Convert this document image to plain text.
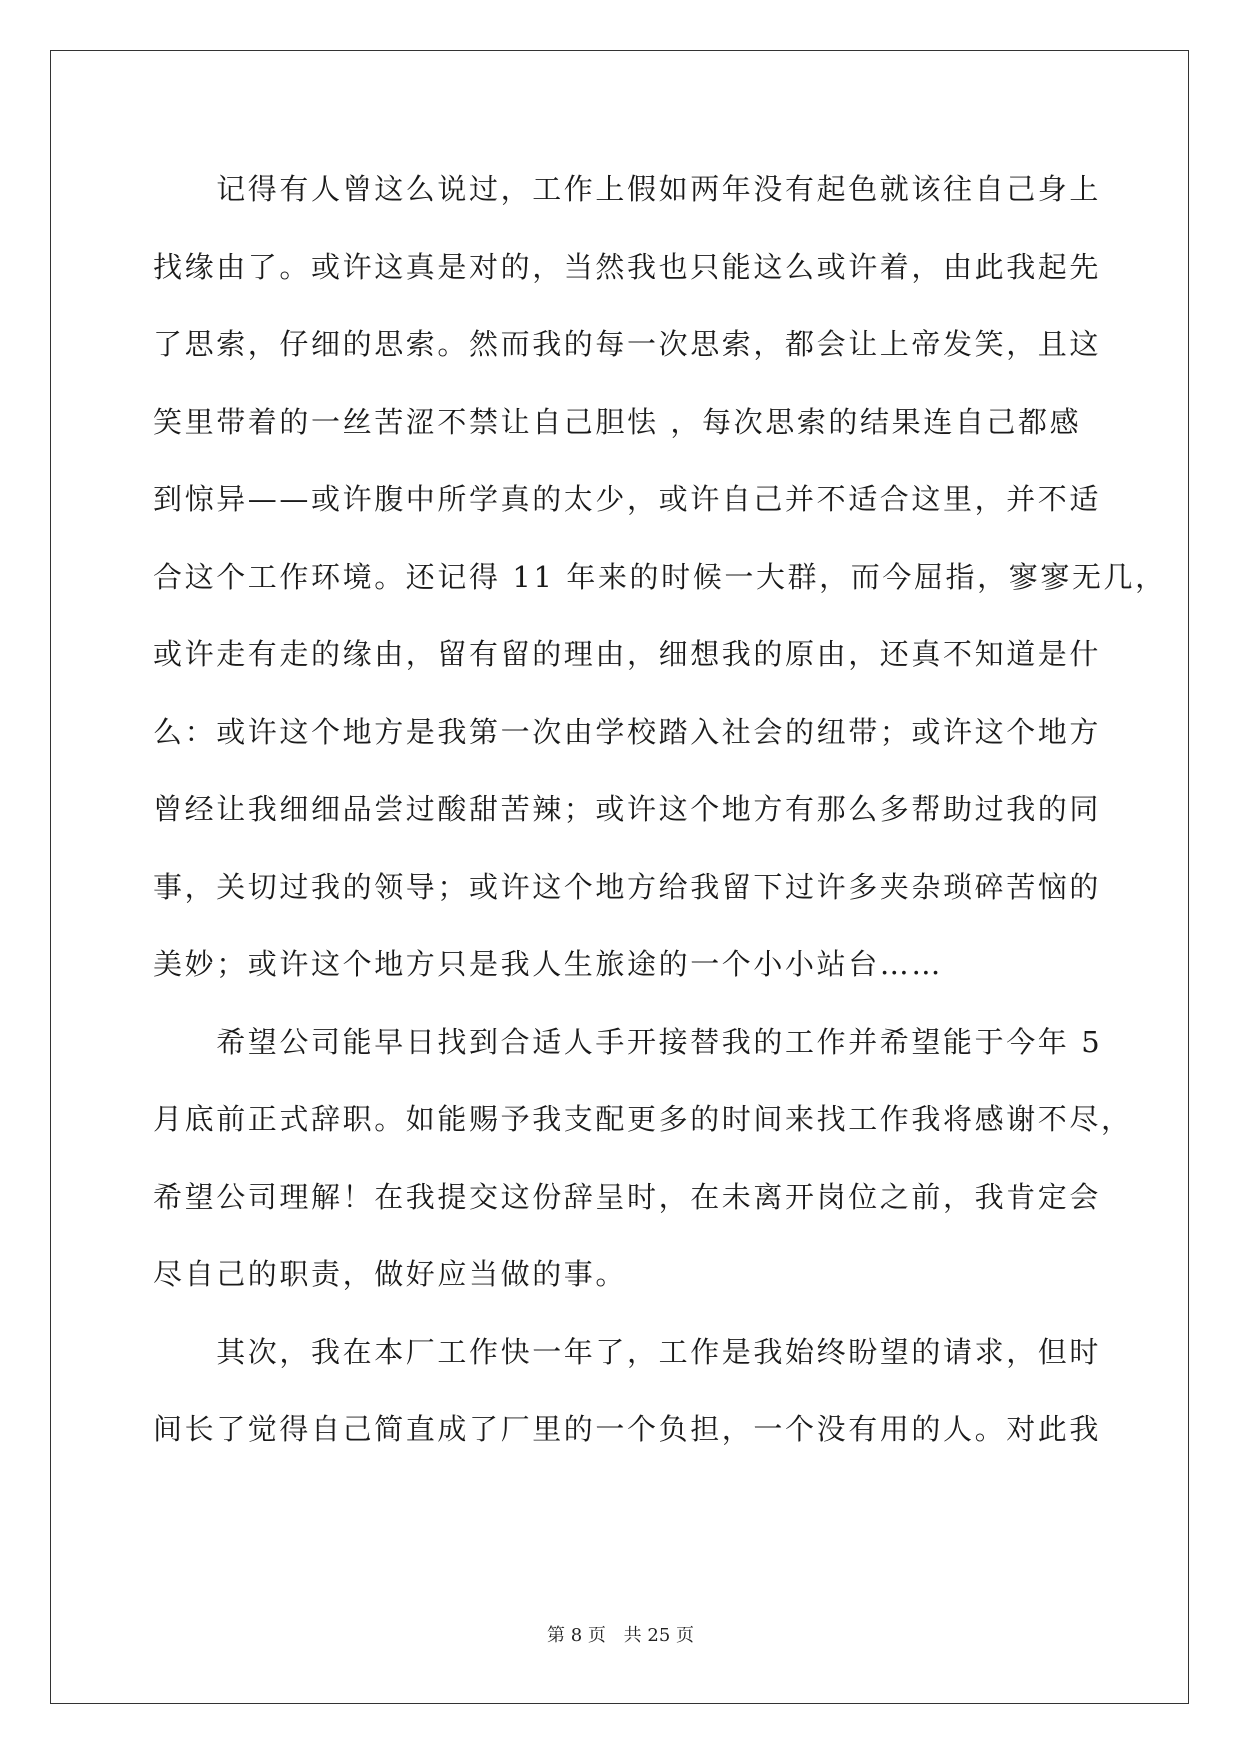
　　记得有人曾这么说过，工作上假如两年没有起色就该往自己身上
找缘由了。或许这真是对的，当然我也只能这么或许着，由此我起先
了思索，仔细的思索。然而我的每一次思索，都会让上帝发笑，且这
笑里带着的一丝苦涩不禁让自己胆怯 ，每次思索的结果连自己都感
到惊异——或许腹中所学真的太少，或许自己并不适合这里，并不适
合这个工作环境。还记得 11 年来的时候一大群，而今屈指，寥寥无几，
或许走有走的缘由，留有留的理由，细想我的原由，还真不知道是什
么：或许这个地方是我第一次由学校踏入社会的纽带；或许这个地方
曾经让我细细品尝过酸甜苦辣；或许这个地方有那么多帮助过我的同
事，关切过我的领导；或许这个地方给我留下过许多夹杂琐碎苦恼的
美妙；或许这个地方只是我人生旅途的一个小小站台……
　　希望公司能早日找到合适人手开接替我的工作并希望能于今年 5
月底前正式辞职。如能赐予我支配更多的时间来找工作我将感谢不尽，
希望公司理解！在我提交这份辞呈时，在未离开岗位之前，我肯定会
尽自己的职责，做好应当做的事。
　　其次，我在本厂工作快一年了，工作是我始终盼望的请求，但时
间长了觉得自己简直成了厂里的一个负担，一个没有用的人。对此我
第 8 页 共 25 页
